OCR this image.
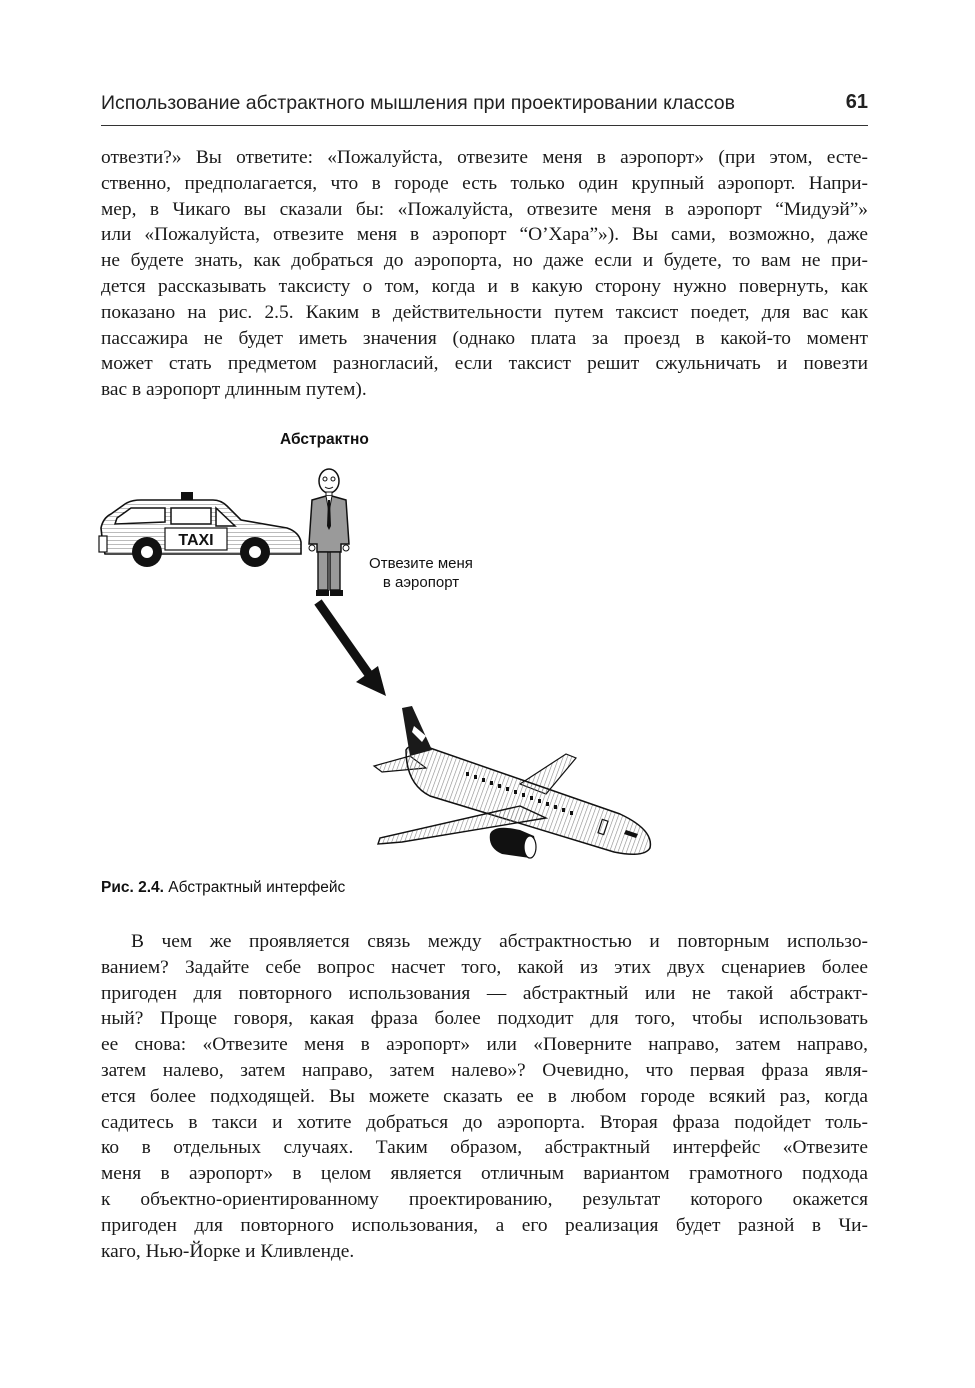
Использование абстрактного мышления при проектировании классов	61
отвезти?» Вы ответите: «Пожалуйста, отвезите меня в аэропорт» (при этом, есте-
ственно, предполагается, что в городе есть только один крупный аэропорт. Напри-
мер, в Чикаго вы сказали бы: «Пожалуйста, отвезите меня в аэропорт “Мидуэй”»
или «Пожалуйста, отвезите меня в аэропорт “О’Хара”»). Вы сами, возможно, даже
не будете знать, как добраться до аэропорта, но даже если и будете, то вам не при-
дется рассказывать таксисту о том, когда и в какую сторону нужно повернуть, как
показано на рис. 2.5. Каким в действительности путем таксист поедет, для вас как
пассажира не будет иметь значения (однако плата за проезд в какой-то момент
может стать предметом разногласий, если таксист решит сжульничать и повезти
вас в аэропорт длинным путем).
Абстрактно
TAXI
Отвезите меня
в аэропорт
Рис. 2.4. Абстрактный интерфейс
В чем же проявляется связь между абстрактностью и повторным использо-
ванием? Задайте себе вопрос насчет того, какой из этих двух сценариев более
пригоден для повторного использования — абстрактный или не такой абстракт-
ный? Проще говоря, какая фраза более подходит для того, чтобы использовать
ее снова: «Отвезите меня в аэропорт» или «Поверните направо, затем направо,
затем налево, затем направо, затем налево»? Очевидно, что первая фраза явля-
ется более подходящей. Вы можете сказать ее в любом городе всякий раз, когда
садитесь в такси и хотите добраться до аэропорта. Вторая фраза подойдет толь-
ко в отдельных случаях. Таким образом, абстрактный интерфейс «Отвезите
меня в аэропорт» в целом является отличным вариантом грамотного подхода
к объектно-ориентированному проектированию, результат которого окажется
пригоден для повторного использования, а его реализация будет разной в Чи-
каго, Нью-Йорке и Кливленде.
